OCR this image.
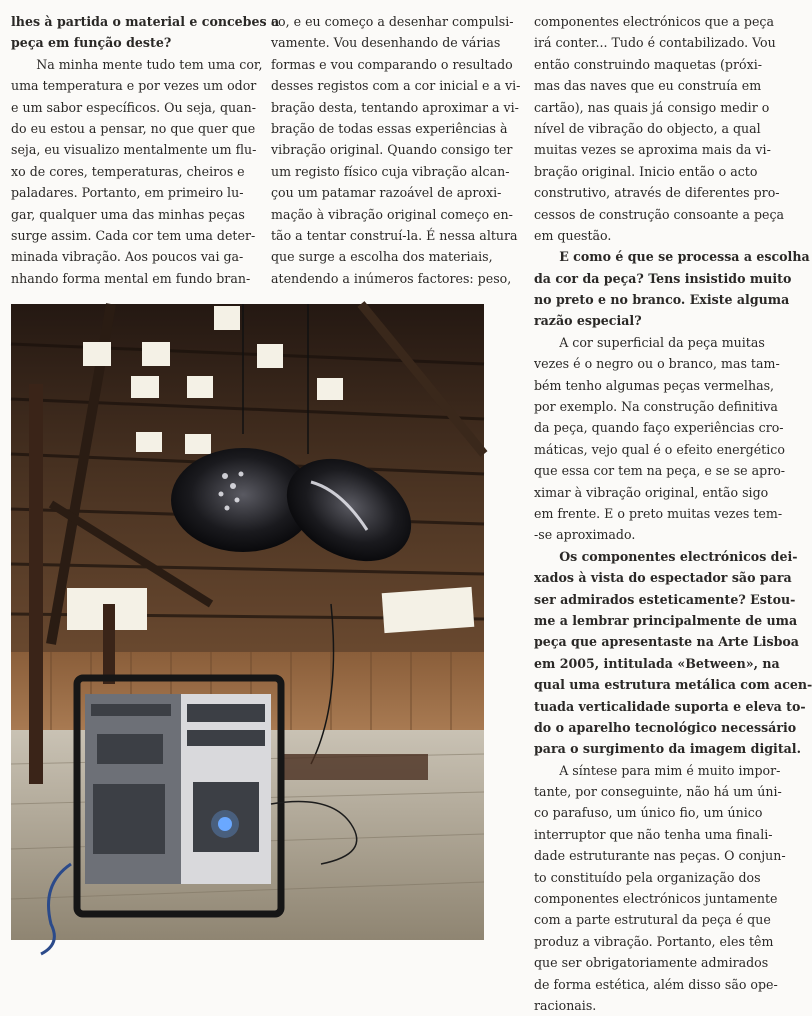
lhes à partida o material e concebes a
peça em função deste?
  Na minha mente tudo tem uma cor,
uma temperatura e por vezes um odor
e um sabor específicos. Ou seja, quan-
do eu estou a pensar, no que quer que
seja, eu visualizo mentalmente um flu-
xo de cores, temperaturas, cheiros e
paladares. Portanto, em primeiro lu-
gar, qualquer uma das minhas peças
surge assim. Cada cor tem uma deter-
minada vibração. Aos poucos vai ga-
nhando forma mental em fundo bran-
co, e eu começo a desenhar compulsi-
vamente. Vou desenhando de várias
formas e vou comparando o resultado
desses registos com a cor inicial e a vi-
bração desta, tentando aproximar a vi-
bração de todas essas experiências à
vibração original. Quando consigo ter
um registo físico cuja vibração alcan-
çou um patamar razoável de aproxi-
mação à vibração original começo en-
tão a tentar construí-la. É nessa altura
que surge a escolha dos materiais,
atendendo a inúmeros factores: peso,
componentes electrónicos que a peça
irá conter... Tudo é contabilizado. Vou
então construindo maquetas (próxi-
mas das naves que eu construía em
cartão), nas quais já consigo medir o
nível de vibração do objecto, a qual
muitas vezes se aproxima mais da vi-
bração original. Inicio então o acto
construtivo, através de diferentes pro-
cessos de construção consoante a peça
em questão.
  E como é que se processa a escolha
da cor da peça? Tens insistido muito
no preto e no branco. Existe alguma
razão especial?
  A cor superficial da peça muitas
vezes é o negro ou o branco, mas tam-
bém tenho algumas peças vermelhas,
por exemplo. Na construção definitiva
da peça, quando faço experiências cro-
máticas, vejo qual é o efeito energético
que essa cor tem na peça, e se se apro-
ximar à vibração original, então sigo
em frente. E o preto muitas vezes tem-
-se aproximado.
  Os componentes electrónicos dei-
xados à vista do espectador são para
ser admirados esteticamente? Estou-
me a lembrar principalmente de uma
peça que apresentaste na Arte Lisboa
em 2005, intitulada «Between», na
qual uma estrutura metálica com acen-
tuada verticalidade suporta e eleva to-
do o aparelho tecnológico necessário
para o surgimento da imagem digital.
  A síntese para mim é muito impor-
tante, por conseguinte, não há um úni-
co parafuso, um único fio, um único
interruptor que não tenha uma finali-
dade estruturante nas peças. O conjun-
to constituído pela organização dos
componentes electrónicos juntamente
com a parte estrutural da peça é que
produz a vibração. Portanto, eles têm
que ser obrigatoriamente admirados
de forma estética, além disso são ope-
racionais.
